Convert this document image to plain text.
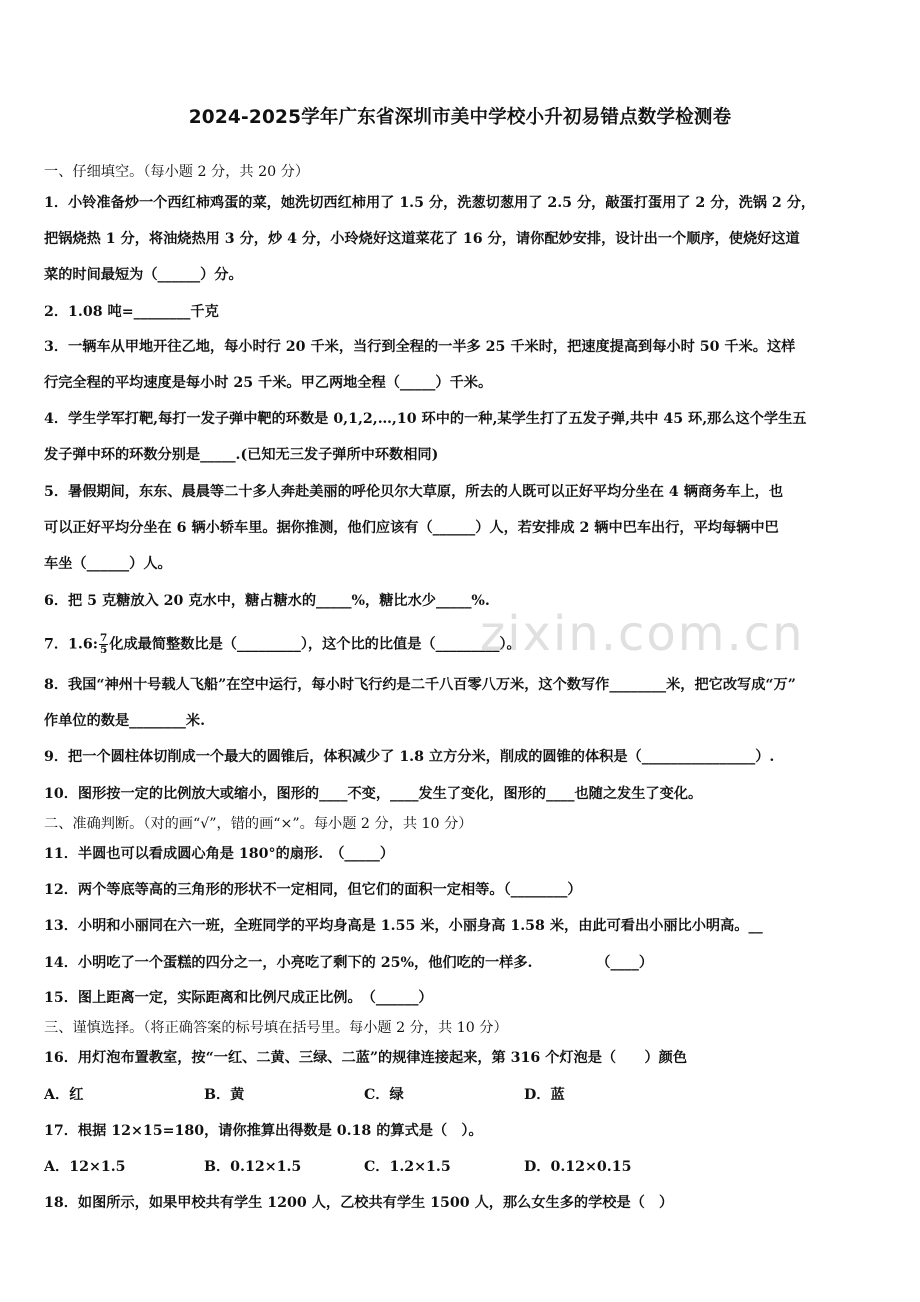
2024-2025学年广东省深圳市美中学校小升初易错点数学检测卷
一、仔细填空。（每小题 2 分，共 20 分）
1．小铃准备炒一个西红柿鸡蛋的菜，她洗切西红柿用了 1.5 分，洗葱切葱用了 2.5 分，敲蛋打蛋用了 2 分，洗锅 2 分，
把锅烧热 1 分，将油烧热用 3 分，炒 4 分，小玲烧好这道菜花了 16 分，请你配妙安排，设计出一个顺序，使烧好这道
菜的时间最短为（______）分。
2．1.08 吨=________千克
3．一辆车从甲地开往乙地，每小时行 20 千米，当行到全程的一半多 25 千米时，把速度提高到每小时 50 千米。这样
行完全程的平均速度是每小时 25 千米。甲乙两地全程（_____）千米。
4．学生学军打靶,每打一发子弹中靶的环数是 0,1,2,…,10 环中的一种,某学生打了五发子弹,共中 45 环,那么这个学生五
发子弹中环的环数分别是_____.(已知无三发子弹所中环数相同)
5．暑假期间，东东、晨晨等二十多人奔赴美丽的呼伦贝尔大草原，所去的人既可以正好平均分坐在 4 辆商务车上，也
可以正好平均分坐在 6 辆小轿车里。据你推测，他们应该有（______）人，若安排成 2 辆中巴车出行，平均每辆中巴
车坐（______）人。
6．把 5 克糖放入 20 克水中，糖占糖水的_____%，糖比水少_____%.
7．1.6: $\frac{7}{5}$ 化成最简整数比是（_________），这个比的比值是（_________）。
8．我国“神州十号载人飞船”在空中运行，每小时飞行约是二千八百零八万米，这个数写作________米，把它改写成“万”
作单位的数是________米.
9．把一个圆柱体切削成一个最大的圆锥后，体积减少了 1.8 立方分米，削成的圆锥的体积是（________________）.
10．图形按一定的比例放大或缩小，图形的____不变，____发生了变化，图形的____也随之发生了变化。
二、准确判断。（对的画“√”，错的画“×”。每小题 2 分，共 10 分）
11．半圆也可以看成圆心角是 180°的扇形.　（_____）
12．两个等底等高的三角形的形状不一定相同，但它们的面积一定相等。（________）
13．小明和小丽同在六一班，全班同学的平均身高是 1.55 米，小丽身高 1.58 米，由此可看出小丽比小明高。__
14．小明吃了一个蛋糕的四分之一，小亮吃了剩下的 25%，他们吃的一样多.　　　　　（____）
15．图上距离一定，实际距离和比例尺成正比例。　（______）
三、谨慎选择。（将正确答案的标号填在括号里。每小题 2 分，共 10 分）
16．用灯泡布置教室，按“一红、二黄、三绿、二蓝”的规律连接起来，第 316 个灯泡是（　　）颜色
A．红	B．黄	C．绿	D．蓝
17．根据 12×15=180，请你推算出得数是 0.18 的算式是（　）。
A．12×1.5	B．0.12×1.5	C．1.2×1.5	D．0.12×0.15
18．如图所示，如果甲校共有学生 1200 人，乙校共有学生 1500 人，那么女生多的学校是（　）
zixin.com.cn
